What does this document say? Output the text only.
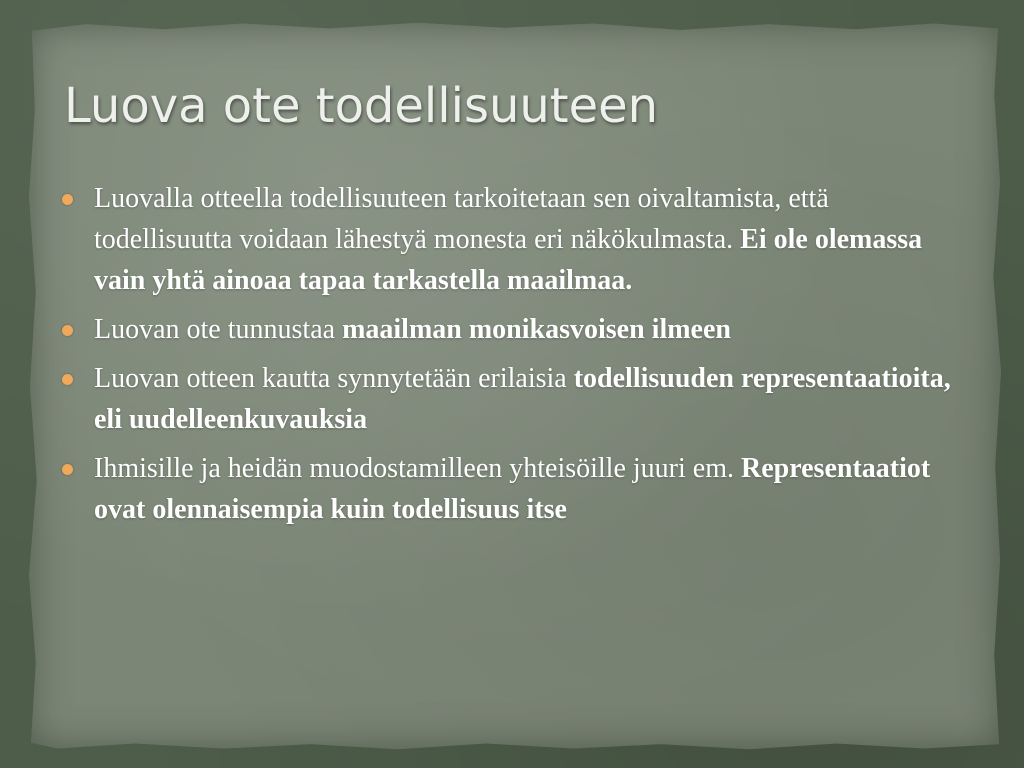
Luova ote todellisuuteen
Luovalla otteella todellisuuteen tarkoitetaan sen oivaltamista, että todellisuutta voidaan lähestyä monesta eri näkökulmasta. Ei ole olemassa vain yhtä ainoaa tapaa tarkastella maailmaa.
Luovan ote tunnustaa maailman monikasvoisen ilmeen
Luovan otteen kautta synnytetään erilaisia todellisuuden representaatioita, eli uudelleenkuvauksia
Ihmisille ja heidän muodostamilleen yhteisöille juuri em. Representaatiot ovat olennaisempia kuin todellisuus itse
